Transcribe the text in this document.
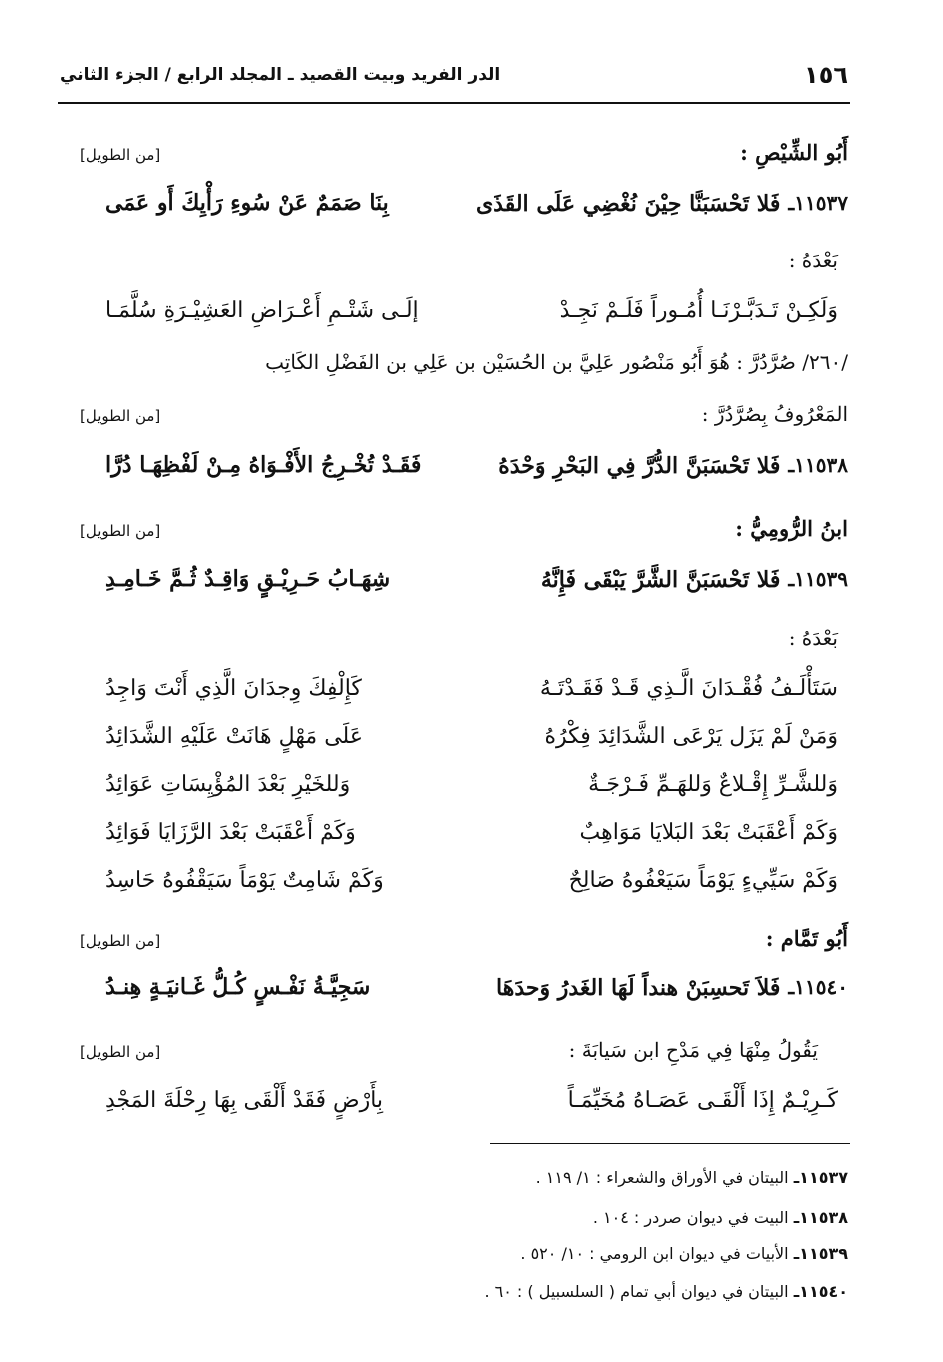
١٥٦
الدر الفريد وبيت القصيد ـ المجلد الرابع / الجزء الثاني
أَبُو الشِّيْصِ :
[من الطويل]
١١٥٣٧ـ
فَلا تَحْسَبَنَّا حِيْنَ نُغْضِي عَلَى القَذَى
بِنَا صَمَمٌ عَنْ سُوءِ رَأْيِكَ أَو عَمَى
بَعْدَهُ :
وَلَكِـنْ تَـدَبَّـرْنَـا أُمُـوراً فَلَـمْ نَجِـدْ
إلَـى شَتْـمِ أَعْـرَاضِ العَشِيْـرَةِ سُلَّمَـا
/٢٦٠/ صُرَّدُرَّ : هُوَ أَبُو مَنْصُور عَلِيَّ بن الحُسَيْن بن عَلِي بن الفَضْلِ الكَاتِب
المَعْرُوفُ بِصُرَّدُرَّ :
[من الطويل]
١١٥٣٨ـ
فَلا تَحْسَبَنَّ الدُّرَّ فِي البَحْرِ وَحْدَهُ
فَقَـدْ تُخْـرِجُ الأَفْـوَاهُ مِـنْ لَفْظِهَـا دُرَّا
ابنُ الرُّومِيُّ :
[من الطويل]
١١٥٣٩ـ
فَلا تَحْسَبَنَّ الشَّرَّ يَبْقَى فَإِنَّهُ
شِهَـابُ حَـرِيْـقٍ وَاقِـدٌ ثُـمَّ خَـامِـدِ
بَعْدَهُ :
سَتَأْلَـفُ فُقْـدَانَ الَّـذِي قَـدْ فَقَـدْتَـهُ
كَإِلْفِكَ وِجدَانَ الَّذِي أَنْتَ وَاجِدُ
وَمَنْ لَمْ يَزَل يَرْعَى الشَّدَائِدَ فِكْرُهُ
عَلَى مَهْلٍ هَانَتْ عَلَيْهِ الشَّدَائِدُ
وَللشَّـرِّ إِقْـلاعٌ وَللهَـمِّ فَـرْجَـةٌ
وَللخَيْرِ بَعْدَ المُؤْيِسَاتِ عَوَائِدُ
وَكَمْ أَعْقَبَتْ بَعْدَ البَلايَا مَوَاهِبٌ
وَكَمْ أَعْقَبَتْ بَعْدَ الرَّزَايَا فَوَائِدُ
وَكَمْ سَيِّيءٍ يَوْمَاً سَيَعْفُوهُ صَالِحٌ
وَكَمْ شَامِتٌ يَوْمَاً سَيَقْفُوهُ حَاسِدُ
أَبُو تَمَّام :
[من الطويل]
١١٥٤٠ـ
فَلاَ تَحسِبَنْ هنداً لَهَا الغَدرُ وَحدَهَا
سَجِيَّـةُ نَفْـسٍ كُـلُّ غَـانيَـةٍ هِنـدُ
يَقُولُ مِنْهَا فِي مَدْحِ ابن سَيابَةَ :
[من الطويل]
كَـرِيْـمٌ إِذَا أَلْقَـى عَصَـاهُ مُخَيِّمَـاً
بِأَرْضٍ فَقَدْ أَلْقَى بِهَا رِحْلَةَ المَجْدِ
١١٥٣٧ـ البيتان في الأوراق والشعراء : ١/ ١١٩ .
١١٥٣٨ـ البيت في ديوان صردر : ١٠٤ .
١١٥٣٩ـ الأبيات في ديوان ابن الرومي : ١٠/ ٥٢٠ .
١١٥٤٠ـ البيتان في ديوان أبي تمام ( السلسبيل ) : ٦٠ .
